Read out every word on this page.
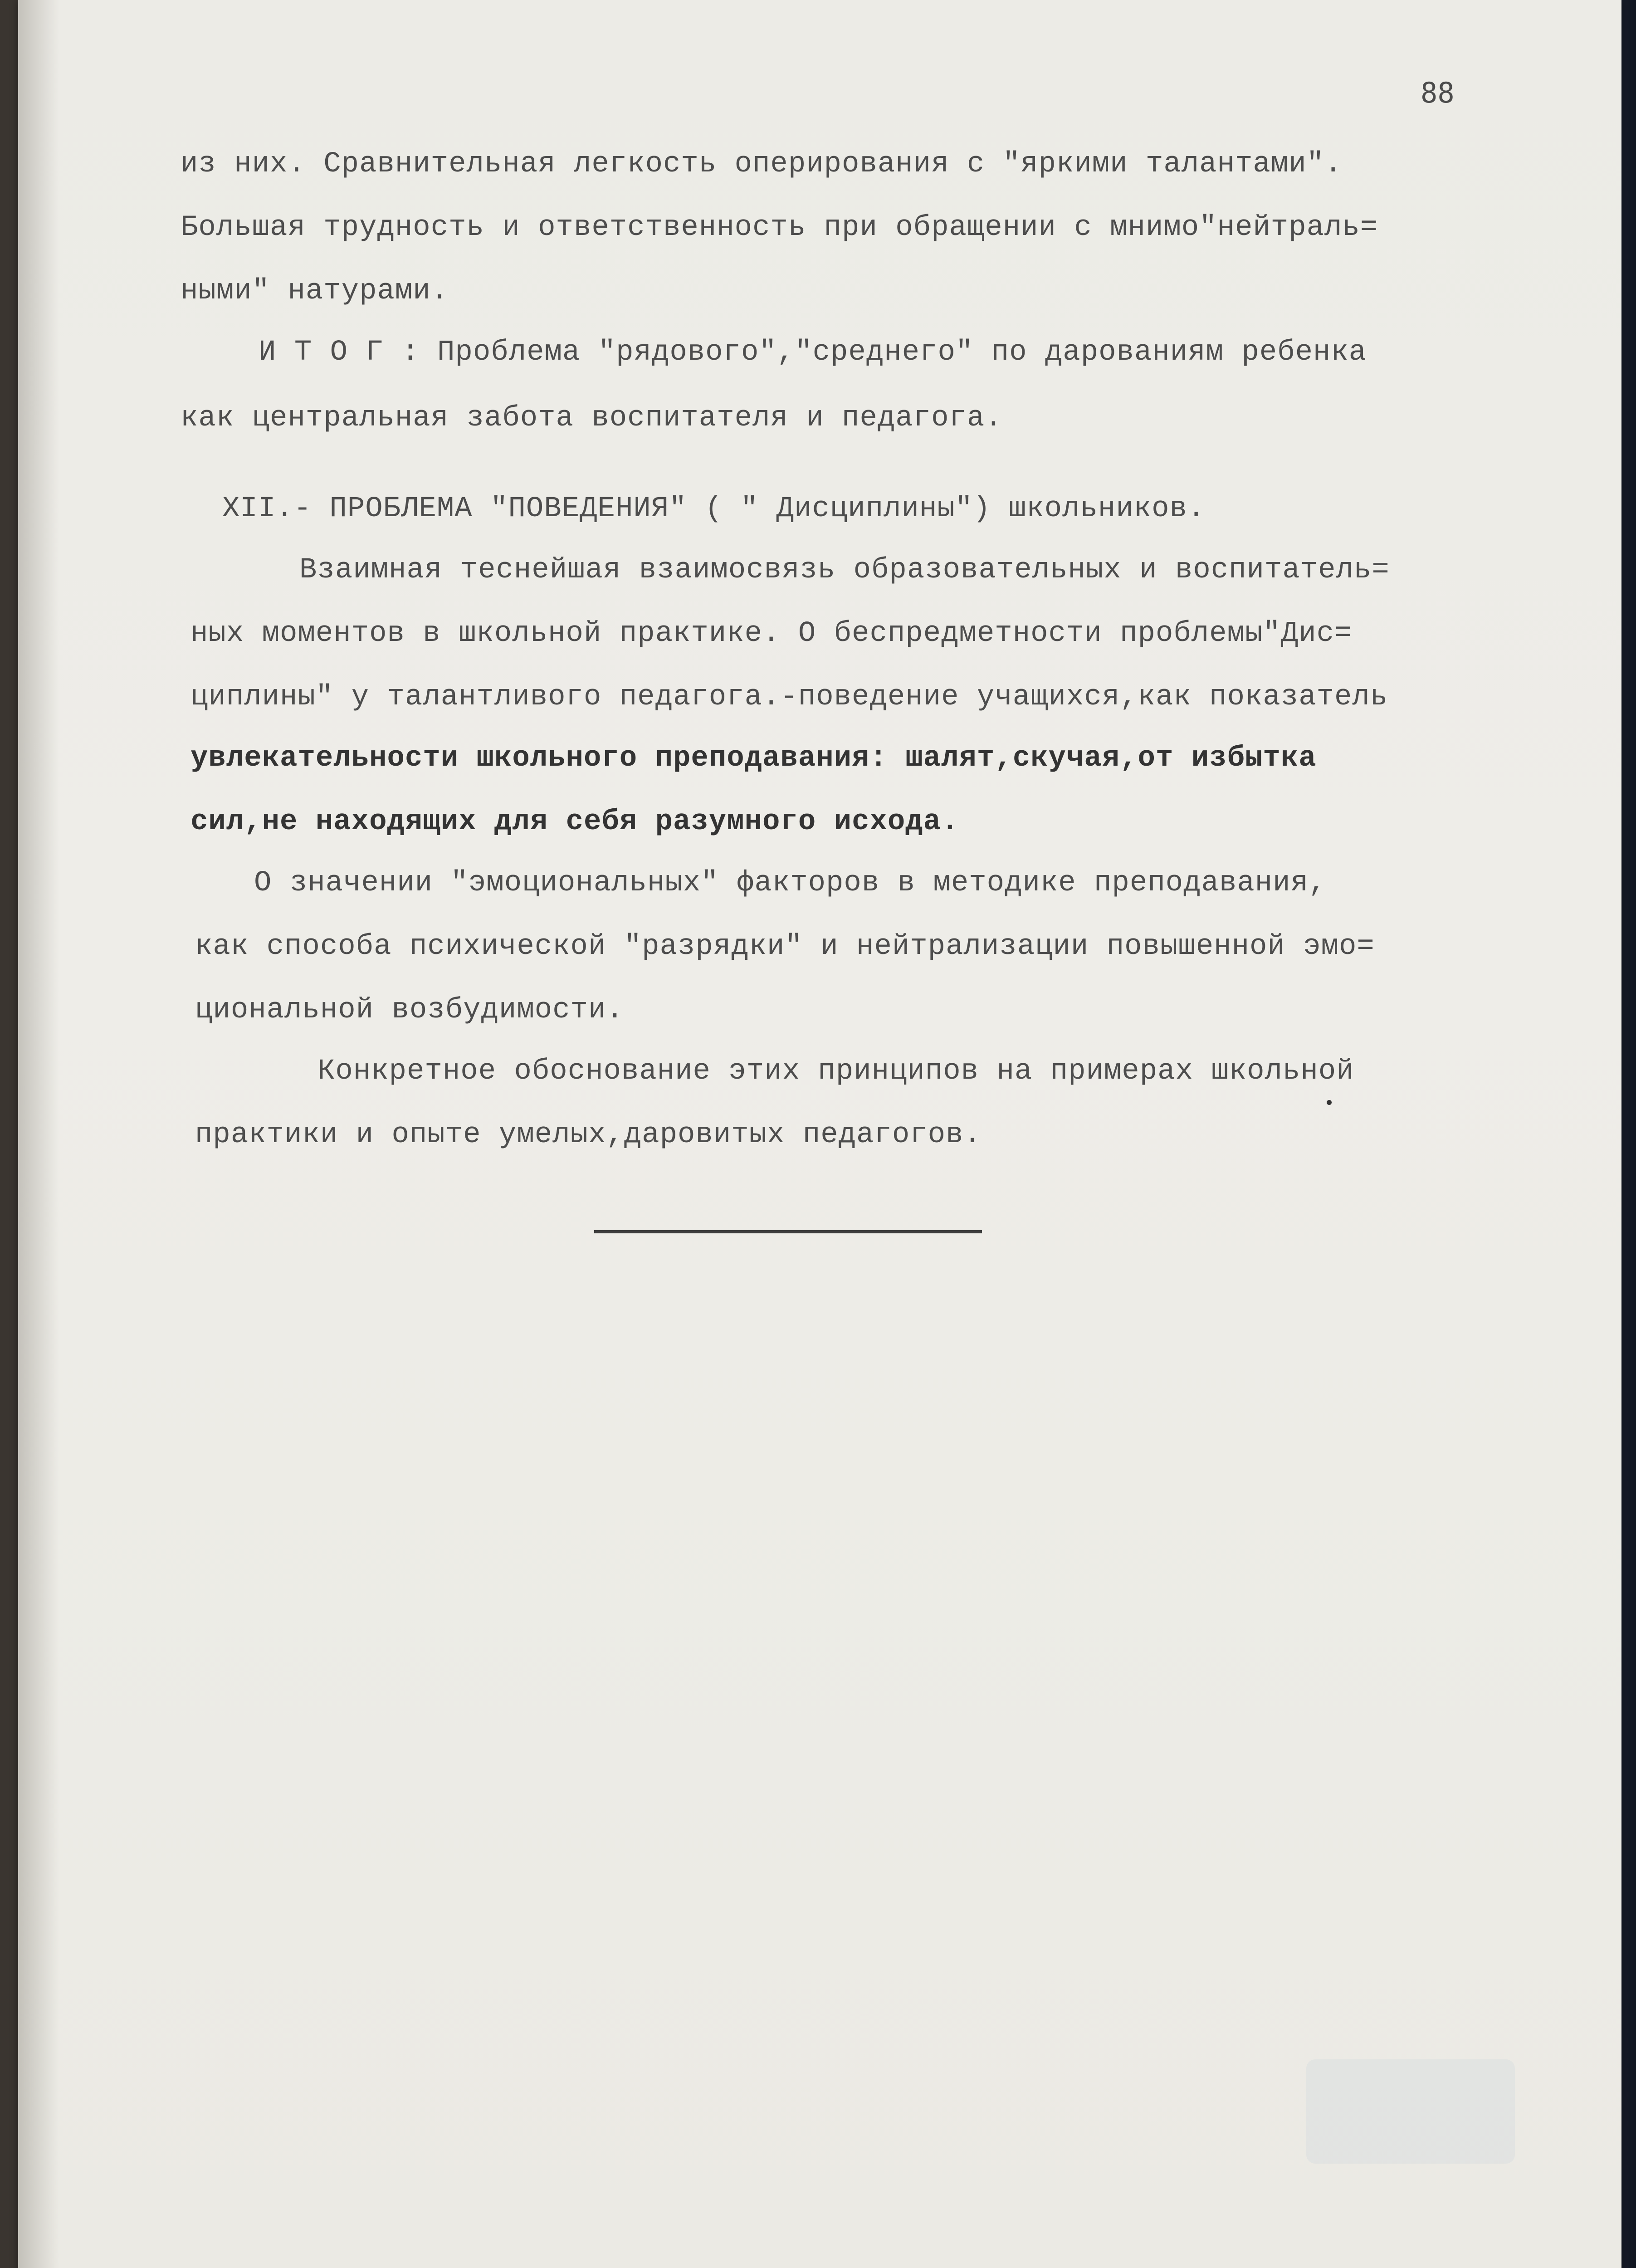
88
из них. Сравнительная легкость оперирования с "яркими талантами".
Большая трудность и ответственность при обращении с мнимо"нейтраль=
ными" натурами.
И Т О Г : Проблема "рядового","среднего" по дарованиям ребенка
как центральная забота воспитателя и педагога.
XII.- ПРОБЛЕМА "ПОВЕДЕНИЯ" ( " Дисциплины") школьников.
Взаимная теснейшая взаимосвязь образовательных и воспитатель=
ных моментов в школьной практике. О беспредметности проблемы"Дис=
циплины" у талантливого педагога.-поведение учащихся,как показатель
увлекательности школьного преподавания: шалят,скучая,от избытка
сил,не находящих для себя разумного исхода.
О значении "эмоциональных" факторов в методике преподавания,
как способа психической "разрядки" и нейтрализации повышенной эмо=
циональной возбудимости.
Конкретное обоснование этих принципов на примерах школьной
практики и опыте умелых,даровитых педагогов.
